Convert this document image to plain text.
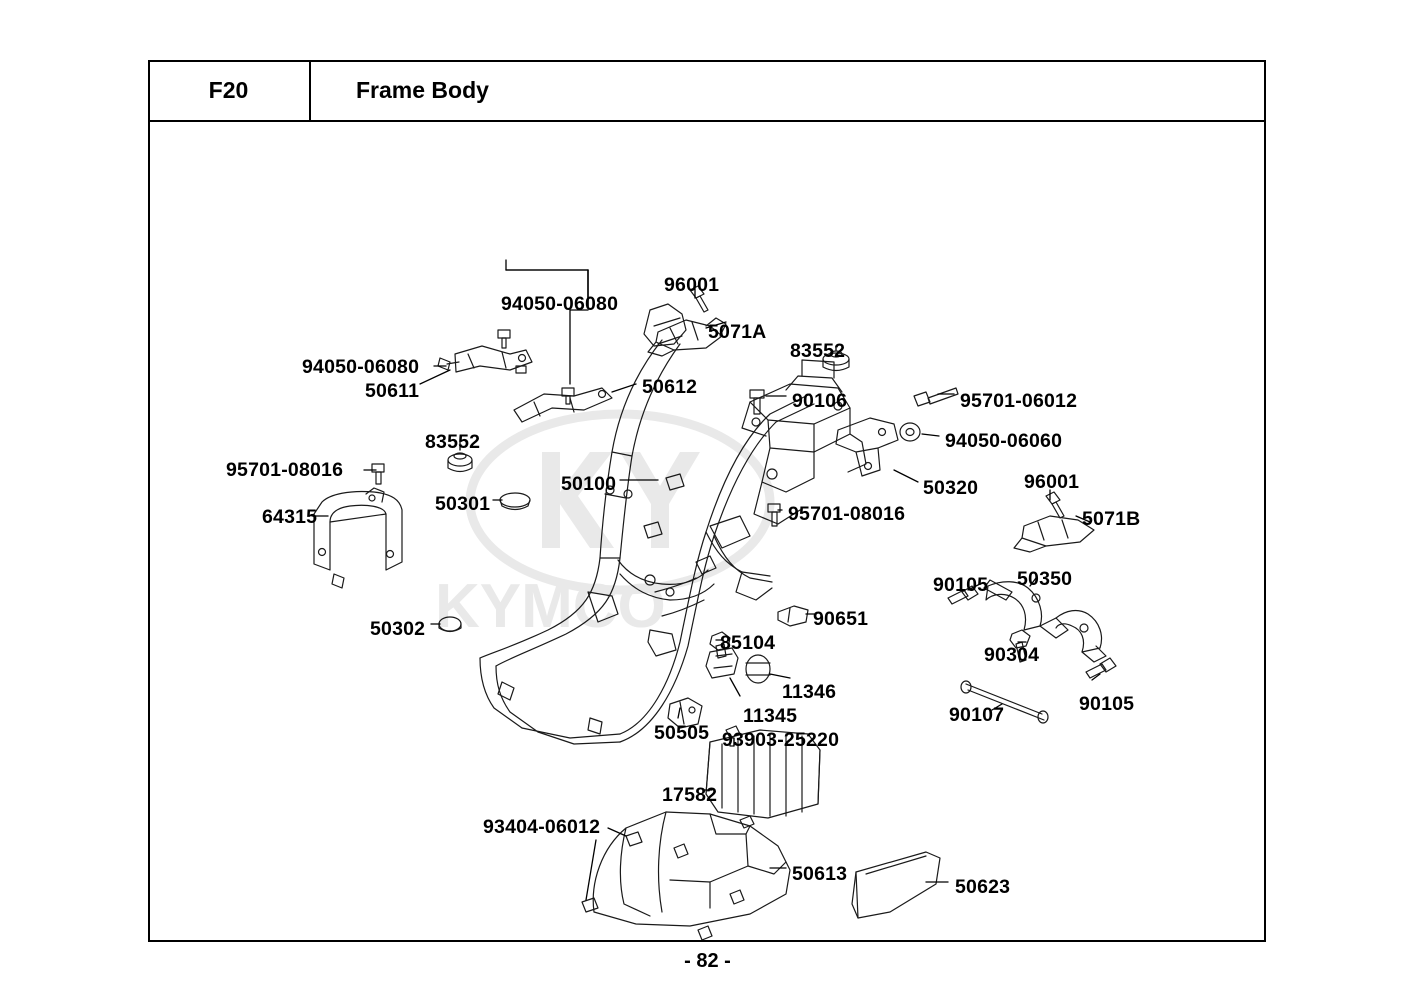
F20	Frame Body
KYMCO
94050-06080
96001
5071A
83552
94050-06080
50611	50612
90106	95701-06012
94050-06060
83552
95701-08016
50100	50320 96001
50301	95701-08016
64315	5071B
90105 50350
90651
50302
85104
90304
11346
90105
11345	90107
50505 93903-25220
17582
93404-06012
50613
50623
- 82 -
